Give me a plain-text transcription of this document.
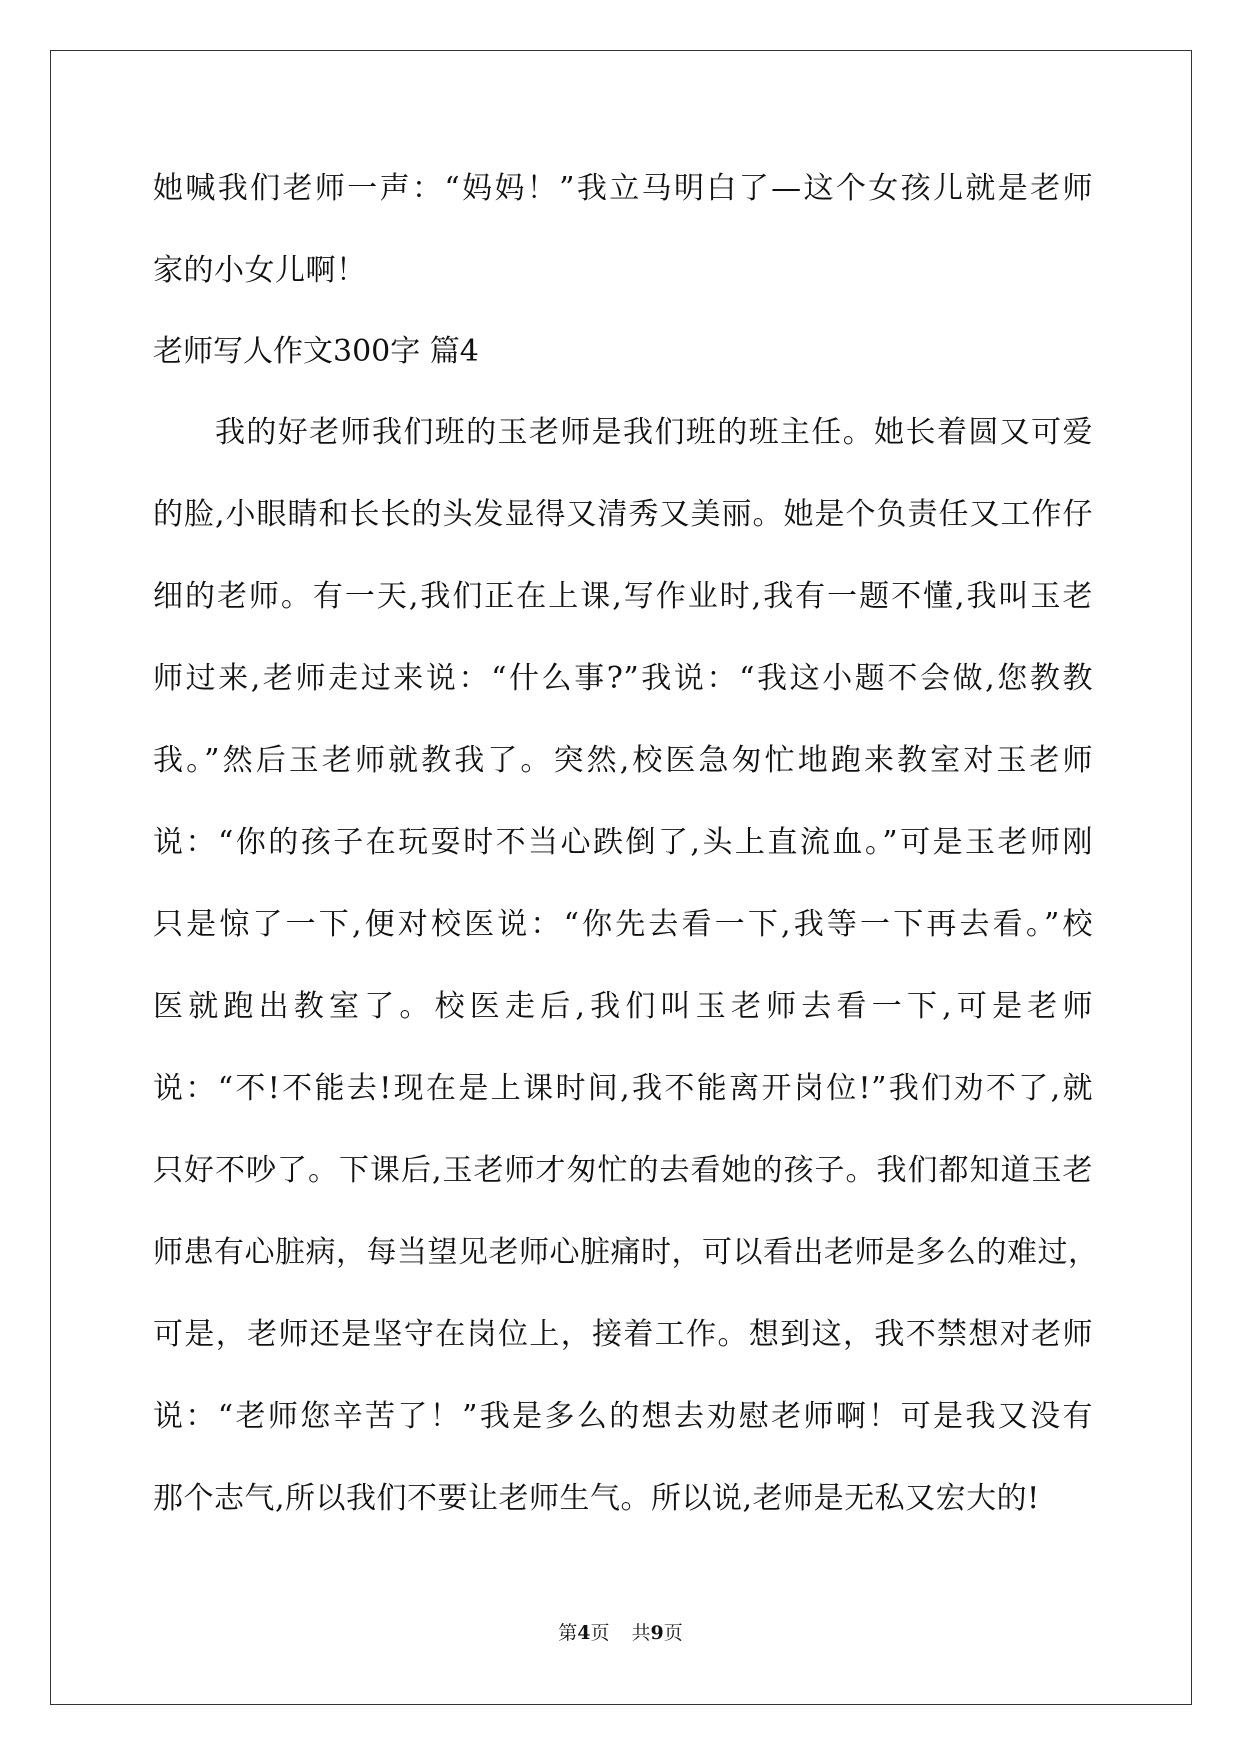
她喊我们老师一声：“妈妈！”我立马明白了—这个女孩儿就是老师
家的小女儿啊！
老师写人作文300字 篇4
我的好老师我们班的玉老师是我们班的班主任。她长着圆又可爱
的脸,小眼睛和长长的头发显得又清秀又美丽。她是个负责任又工作仔
细的老师。有一天,我们正在上课,写作业时,我有一题不懂,我叫玉老
师过来,老师走过来说：“什么事?”我说：“我这小题不会做,您教教
我。”然后玉老师就教我了。突然,校医急匆忙地跑来教室对玉老师
说：“你的孩子在玩耍时不当心跌倒了,头上直流血。”可是玉老师刚
只是惊了一下,便对校医说：“你先去看一下,我等一下再去看。”校
医就跑出教室了。校医走后,我们叫玉老师去看一下,可是老师
说：“不!不能去!现在是上课时间,我不能离开岗位!”我们劝不了,就
只好不吵了。下课后,玉老师才匆忙的去看她的孩子。我们都知道玉老
师患有心脏病，每当望见老师心脏痛时，可以看出老师是多么的难过，
可是，老师还是坚守在岗位上，接着工作。想到这，我不禁想对老师
说：“老师您辛苦了！”我是多么的想去劝慰老师啊！可是我又没有
那个志气,所以我们不要让老师生气。所以说,老师是无私又宏大的!
第4页 共9页
